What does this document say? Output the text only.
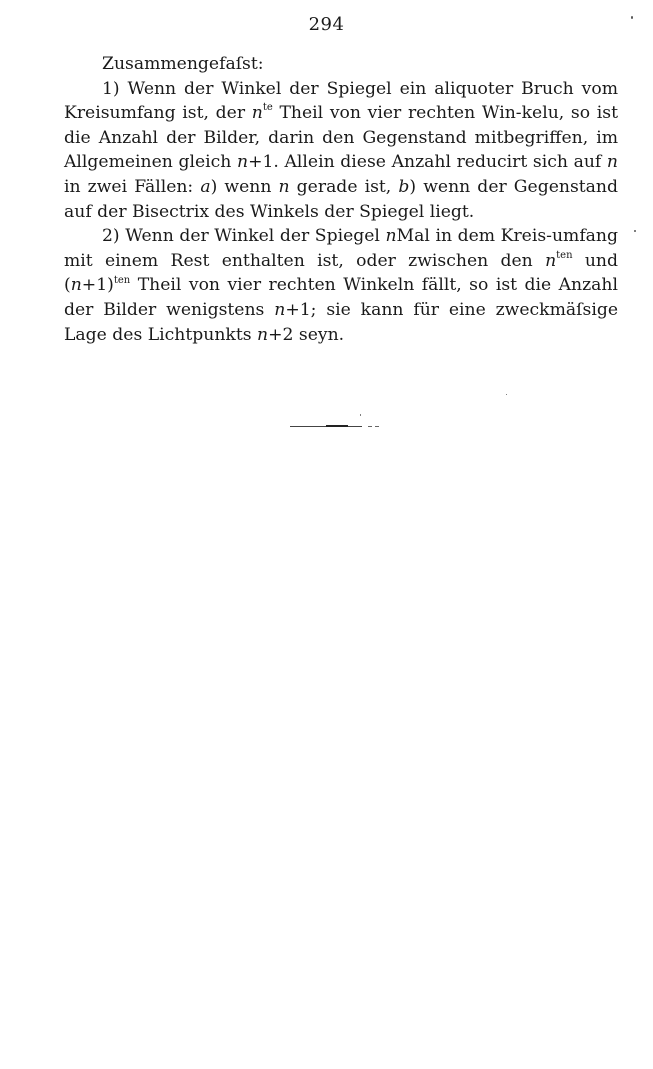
294

Zusammengefaſst:

1) Wenn der Winkel der Spiegel ein aliquoter Bruch vom Kreisumfang ist, der $n^{te}$ Theil von vier rechten Win-kelu, so ist die Anzahl der Bilder, darin den Gegenstand mitbegriffen, im Allgemeinen gleich n+1. Allein diese Anzahl reducirt sich auf n in zwei Fällen: a) wenn n gerade ist, b) wenn der Gegenstand auf der Bisectrix des Winkels der Spiegel liegt.

2) Wenn der Winkel der Spiegel nMal in dem Kreis-umfang mit einem Rest enthalten ist, oder zwischen den $n^{ten}$ und $(n+1)^{ten}$ Theil von vier rechten Winkeln fällt, so ist die Anzahl der Bilder wenigstens n+1; sie kann für eine zweckmäſsige Lage des Lichtpunkts n+2 seyn.
